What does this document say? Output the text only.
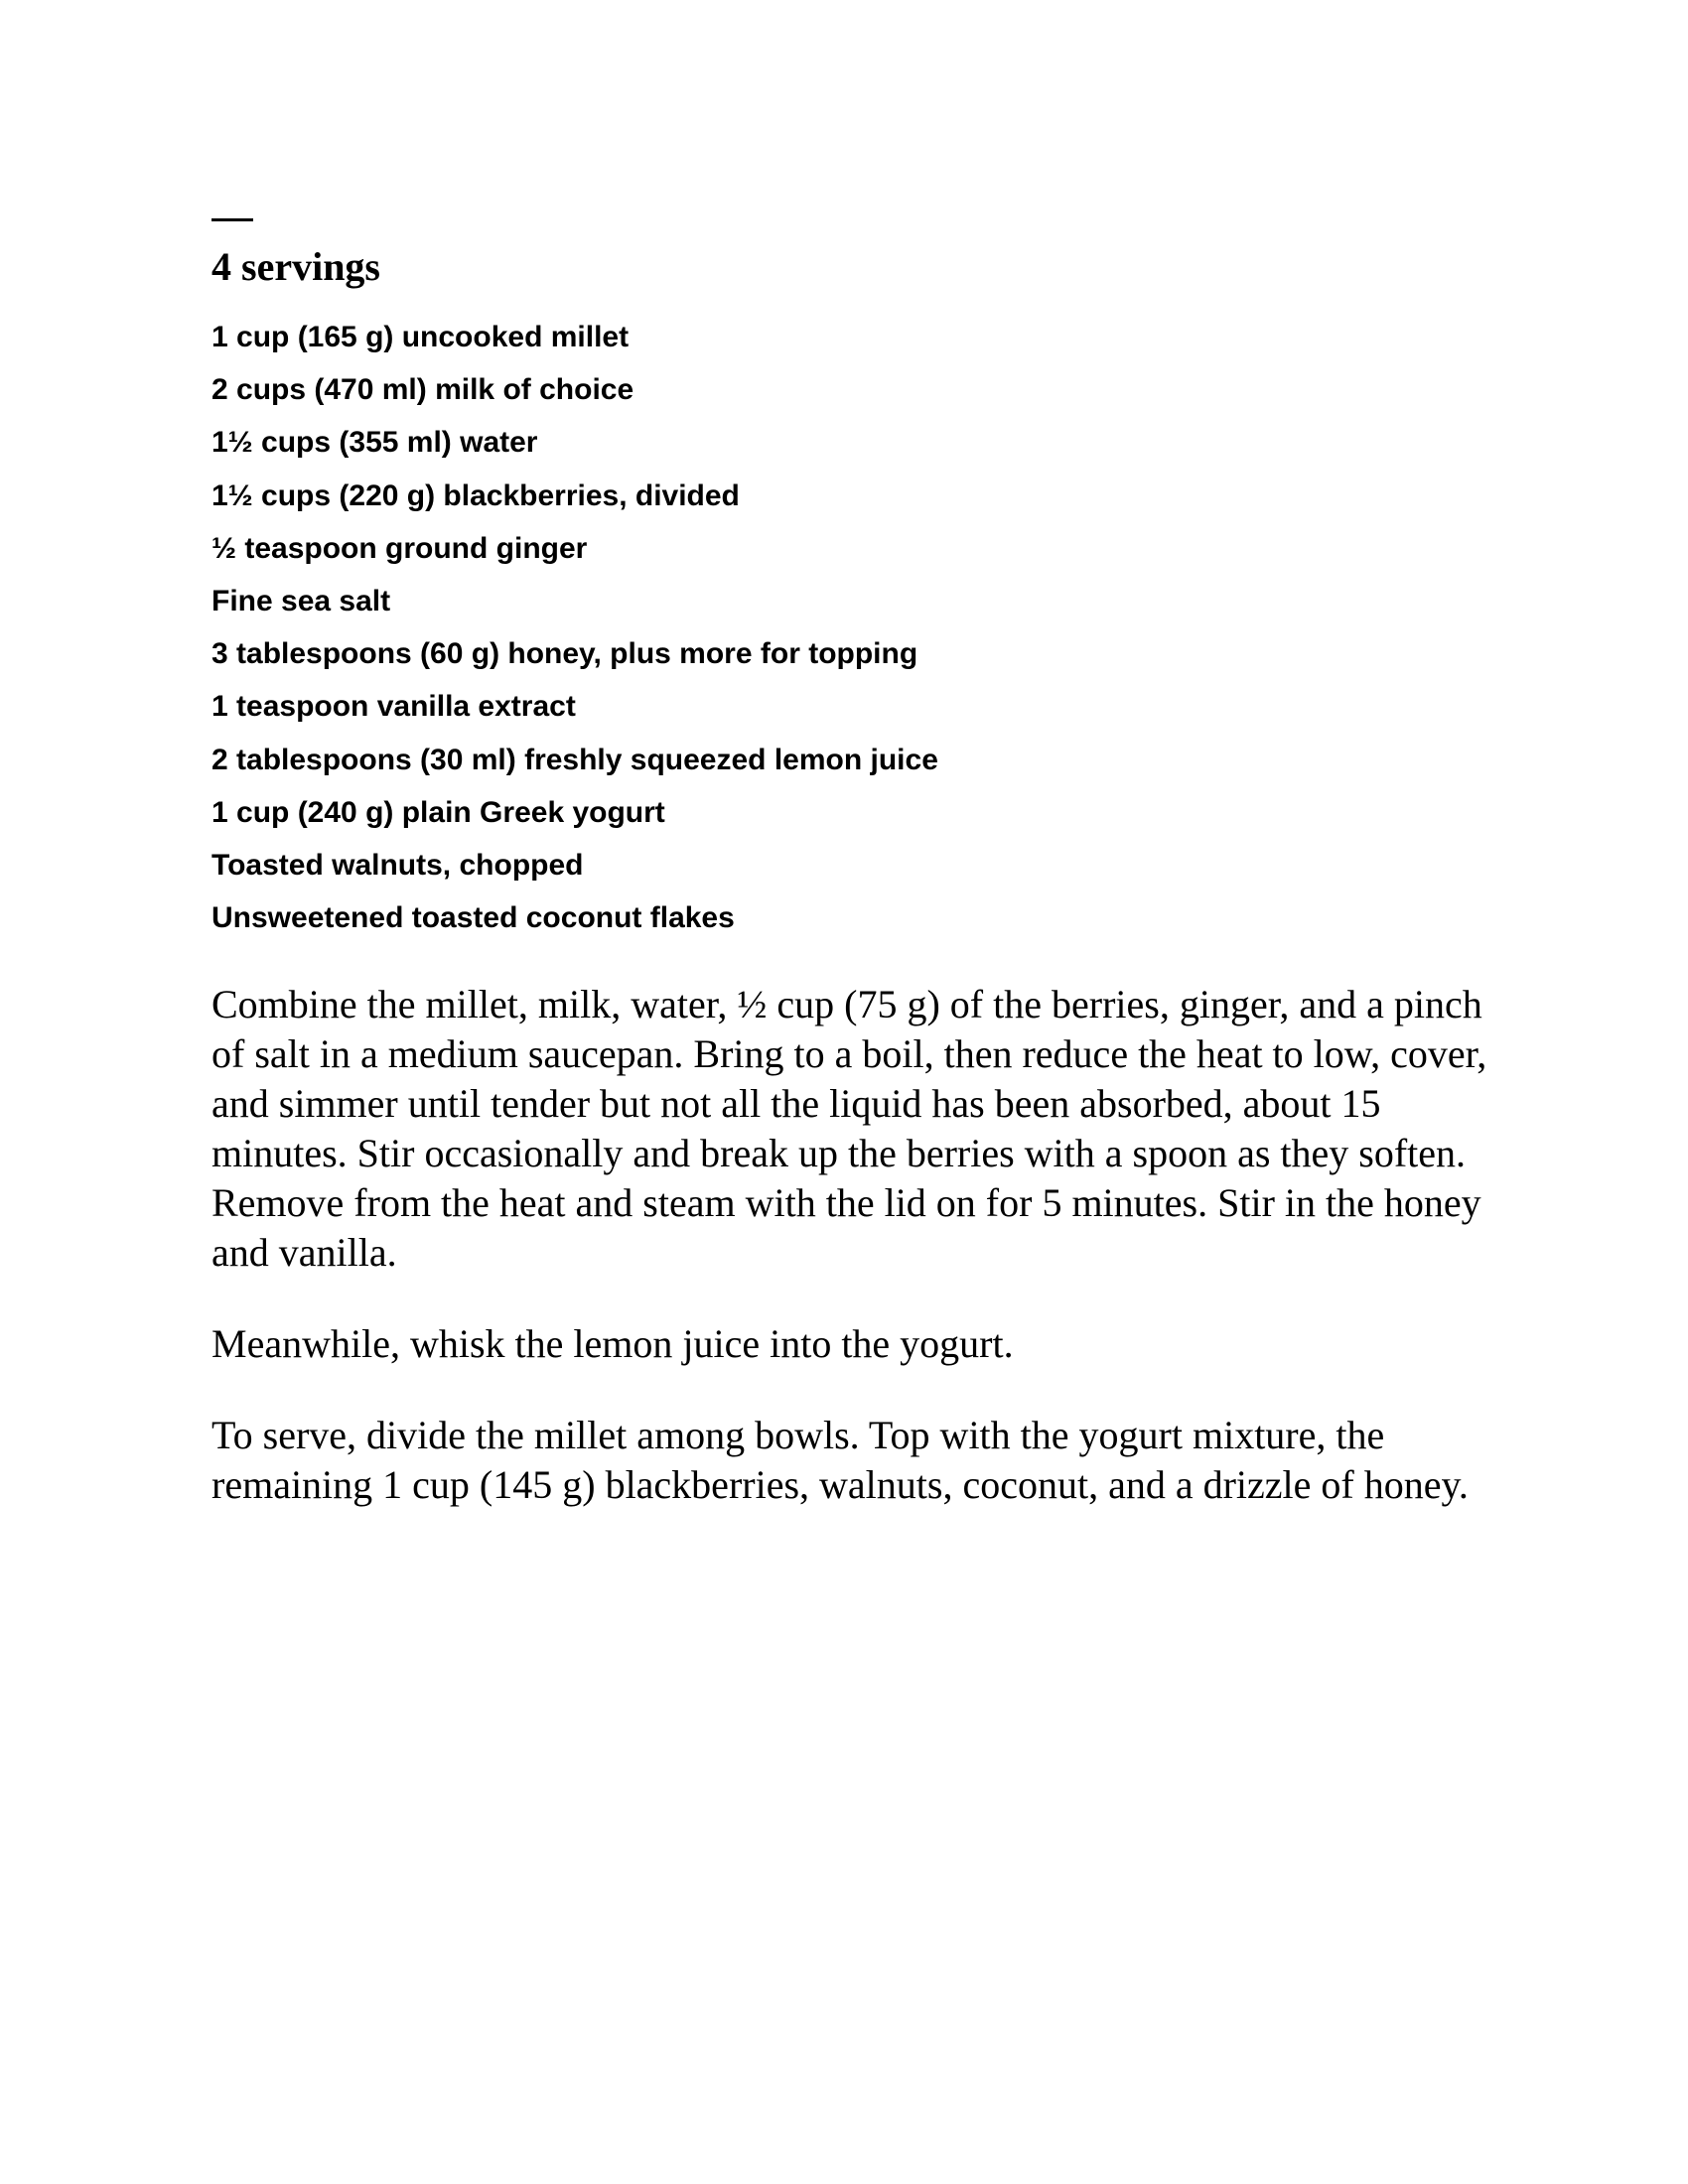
4 servings
1 cup (165 g) uncooked millet
2 cups (470 ml) milk of choice
1½ cups (355 ml) water
1½ cups (220 g) blackberries, divided
½ teaspoon ground ginger
Fine sea salt
3 tablespoons (60 g) honey, plus more for topping
1 teaspoon vanilla extract
2 tablespoons (30 ml) freshly squeezed lemon juice
1 cup (240 g) plain Greek yogurt
Toasted walnuts, chopped
Unsweetened toasted coconut flakes

Combine the millet, milk, water, ½ cup (75 g) of the berries, ginger, and a pinch of salt in a medium saucepan. Bring to a boil, then reduce the heat to low, cover, and simmer until tender but not all the liquid has been absorbed, about 15 minutes. Stir occasionally and break up the berries with a spoon as they soften. Remove from the heat and steam with the lid on for 5 minutes. Stir in the honey and vanilla.

Meanwhile, whisk the lemon juice into the yogurt.

To serve, divide the millet among bowls. Top with the yogurt mixture, the remaining 1 cup (145 g) blackberries, walnuts, coconut, and a drizzle of honey.
